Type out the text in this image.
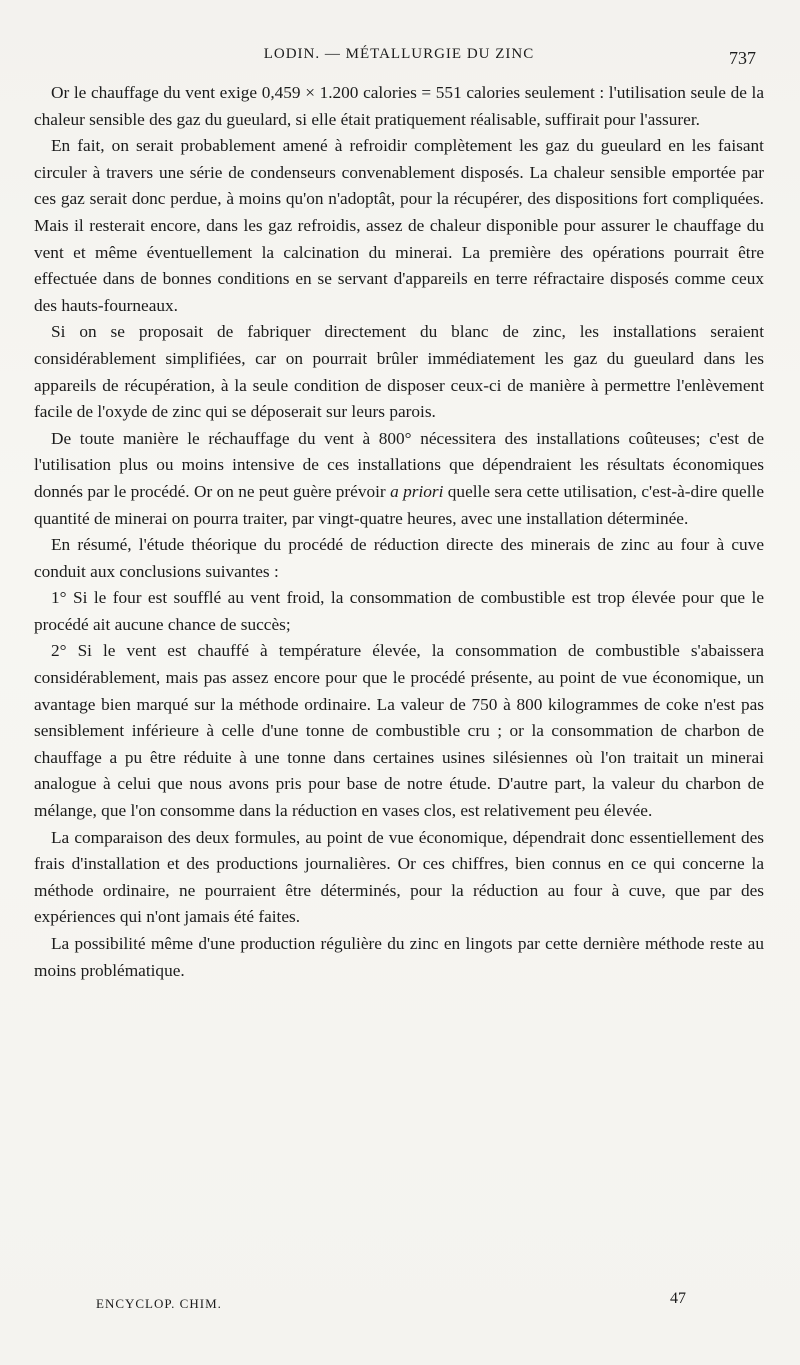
LODIN. — MÉTALLURGIE DU ZINC	737

Or le chauffage du vent exige 0,459 × 1.200 calories = 551 calories seulement : l'utilisation seule de la chaleur sensible des gaz du gueulard, si elle était pratiquement réalisable, suffirait pour l'assurer.

En fait, on serait probablement amené à refroidir complètement les gaz du gueulard en les faisant circuler à travers une série de condenseurs convenablement disposés. La chaleur sensible emportée par ces gaz serait donc perdue, à moins qu'on n'adoptât, pour la récupérer, des dispositions fort compliquées. Mais il resterait encore, dans les gaz refroidis, assez de chaleur disponible pour assurer le chauffage du vent et même éventuellement la calcination du minerai. La première des opérations pourrait être effectuée dans de bonnes conditions en se servant d'appareils en terre réfractaire disposés comme ceux des hauts-fourneaux.

Si on se proposait de fabriquer directement du blanc de zinc, les installations seraient considérablement simplifiées, car on pourrait brûler immédiatement les gaz du gueulard dans les appareils de récupération, à la seule condition de disposer ceux-ci de manière à permettre l'enlèvement facile de l'oxyde de zinc qui se déposerait sur leurs parois.

De toute manière le réchauffage du vent à 800° nécessitera des installations coûteuses; c'est de l'utilisation plus ou moins intensive de ces installations que dépendraient les résultats économiques donnés par le procédé. Or on ne peut guère prévoir a priori quelle sera cette utilisation, c'est-à-dire quelle quantité de minerai on pourra traiter, par vingt-quatre heures, avec une installation déterminée.

En résumé, l'étude théorique du procédé de réduction directe des minerais de zinc au four à cuve conduit aux conclusions suivantes :

1° Si le four est soufflé au vent froid, la consommation de combustible est trop élevée pour que le procédé ait aucune chance de succès;

2° Si le vent est chauffé à température élevée, la consommation de combustible s'abaissera considérablement, mais pas assez encore pour que le procédé présente, au point de vue économique, un avantage bien marqué sur la méthode ordinaire. La valeur de 750 à 800 kilogrammes de coke n'est pas sensiblement inférieure à celle d'une tonne de combustible cru ; or la consommation de charbon de chauffage a pu être réduite à une tonne dans certaines usines silésiennes où l'on traitait un minerai analogue à celui que nous avons pris pour base de notre étude. D'autre part, la valeur du charbon de mélange, que l'on consomme dans la réduction en vases clos, est relativement peu élevée.

La comparaison des deux formules, au point de vue économique, dépendrait donc essentiellement des frais d'installation et des productions journalières. Or ces chiffres, bien connus en ce qui concerne la méthode ordinaire, ne pourraient être déterminés, pour la réduction au four à cuve, que par des expériences qui n'ont jamais été faites.

La possibilité même d'une production régulière du zinc en lingots par cette dernière méthode reste au moins problématique.

ENCYCLOP. CHIM.	47
